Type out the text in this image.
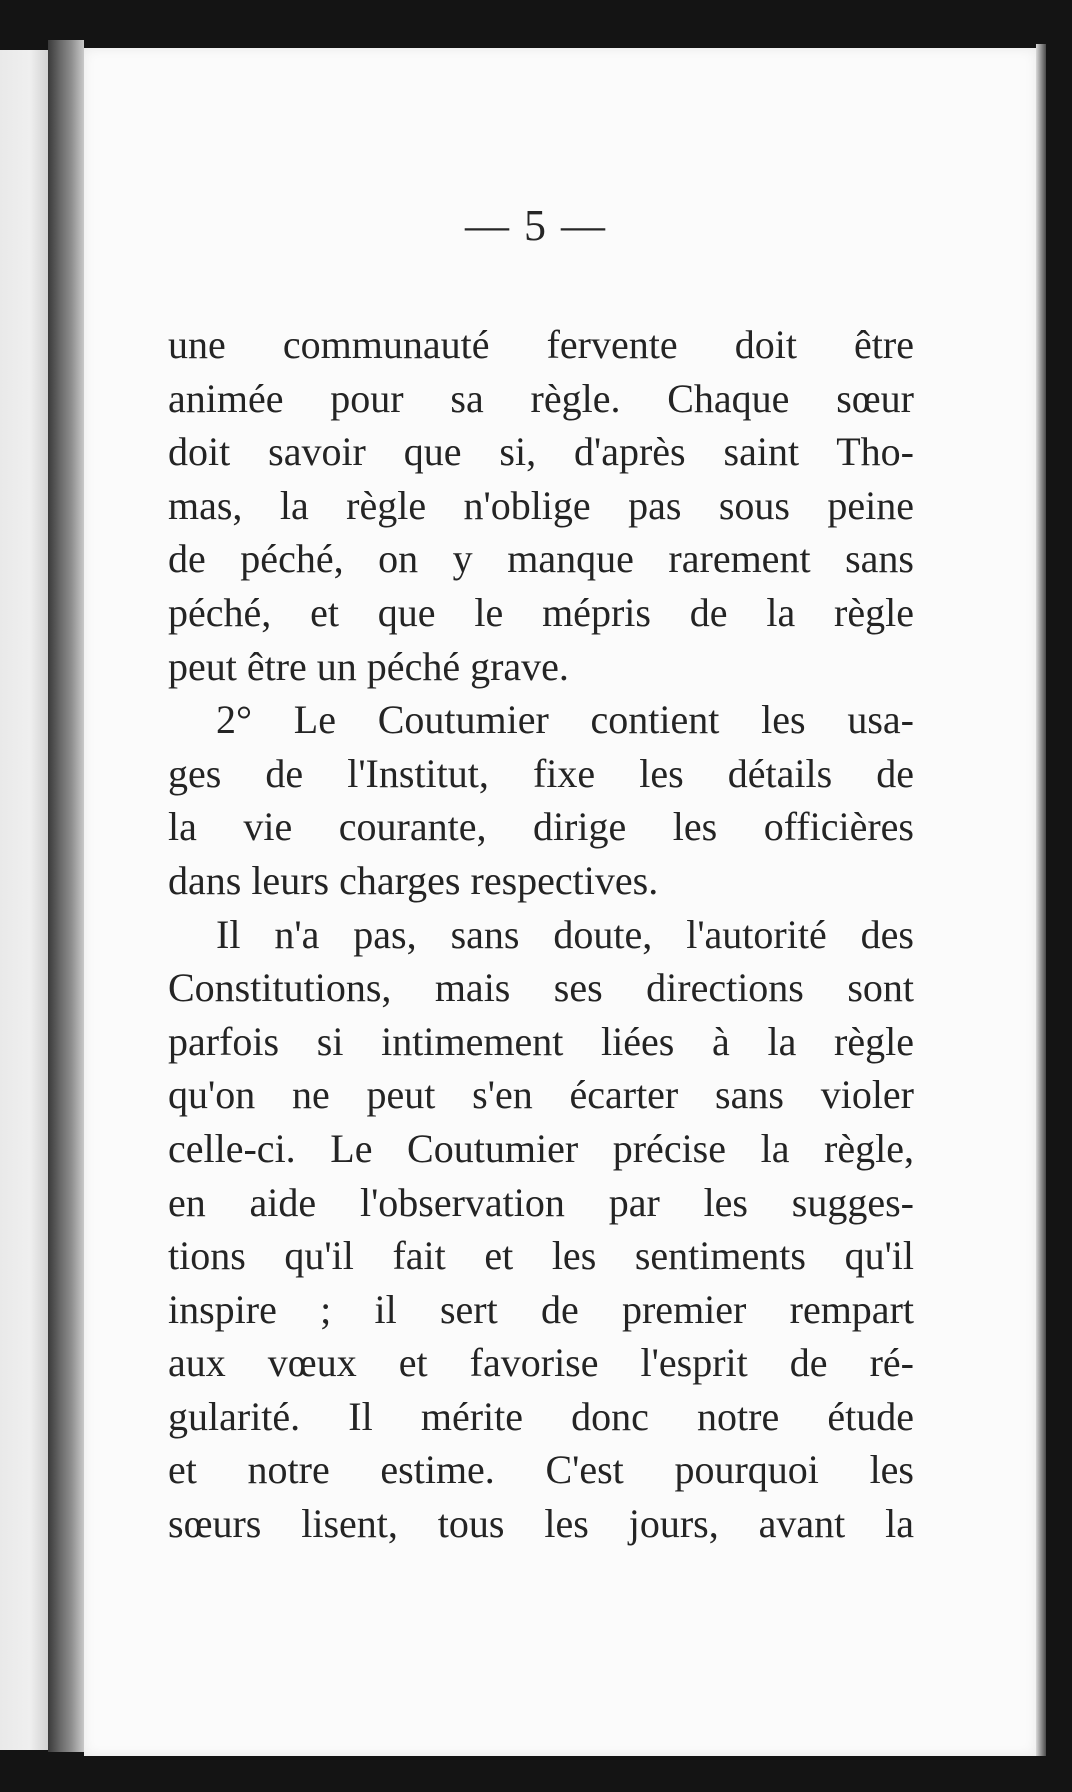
— 5 —
une communauté fervente doit être
animée pour sa règle. Chaque sœur
doit savoir que si, d'après saint Tho-
mas, la règle n'oblige pas sous peine
de péché, on y manque rarement sans
péché, et que le mépris de la règle
peut être un péché grave.
2° Le Coutumier contient les usa-
ges de l'Institut, fixe les détails de
la vie courante, dirige les officières
dans leurs charges respectives.
Il n'a pas, sans doute, l'autorité des
Constitutions, mais ses directions sont
parfois si intimement liées à la règle
qu'on ne peut s'en écarter sans violer
celle-ci. Le Coutumier précise la règle,
en aide l'observation par les sugges-
tions qu'il fait et les sentiments qu'il
inspire ; il sert de premier rempart
aux vœux et favorise l'esprit de ré-
gularité. Il mérite donc notre étude
et notre estime. C'est pourquoi les
sœurs lisent, tous les jours, avant la
